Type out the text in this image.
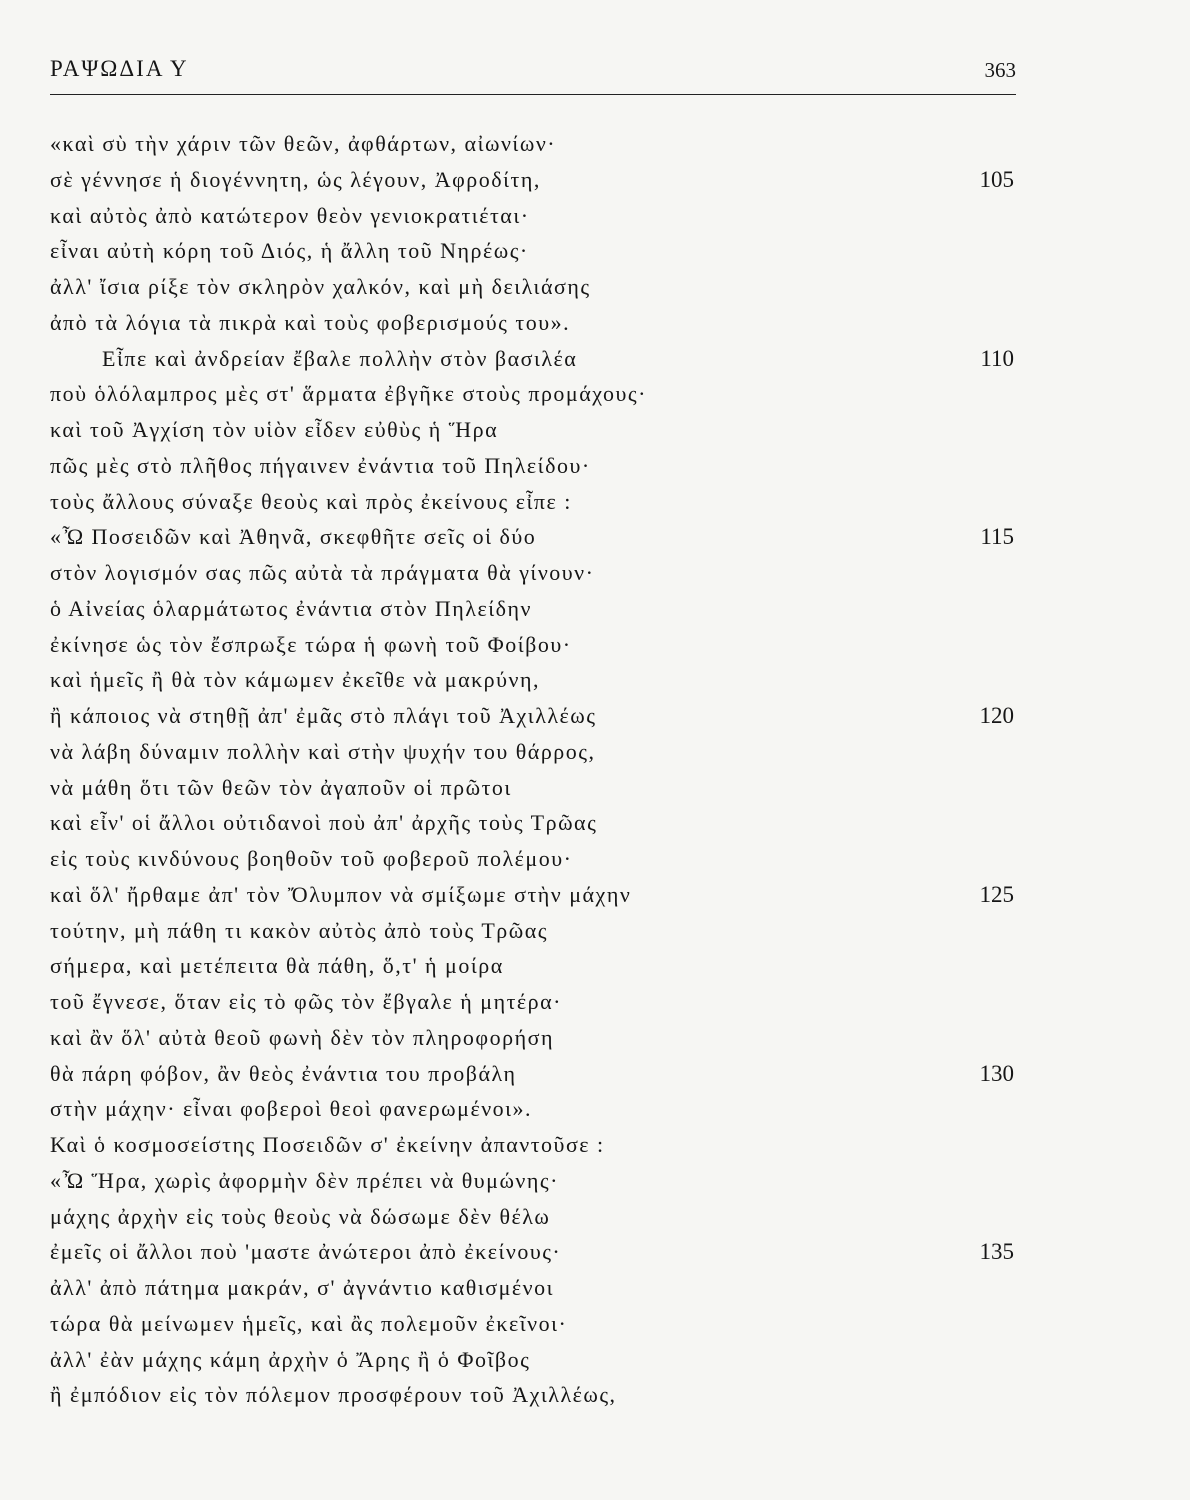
ΡΑΨΩΔΙΑ Υ	363
«καὶ σὺ τὴν χάριν τῶν θεῶν, ἀφθάρτων, αἰωνίων·
σὲ γέννησε ἡ διογέννητη, ὡς λέγουν, Ἀφροδίτη,	105
καὶ αὐτὸς ἀπὸ κατώτερον θεὸν γενιοκρατιέται·
εἶναι αὐτὴ κόρη τοῦ Διός, ἡ ἄλλη τοῦ Νηρέως·
ἀλλ' ἴσια ρίξε τὸν σκληρὸν χαλκόν, καὶ μὴ δειλιάσης
ἀπὸ τὰ λόγια τὰ πικρὰ καὶ τοὺς φοβερισμούς του».
Εἶπε καὶ ἀνδρείαν ἔβαλε πολλὴν στὸν βασιλέα	110
ποὺ ὁλόλαμπρος μὲς στ' ἅρματα ἐβγῆκε στοὺς προμάχους·
καὶ τοῦ Ἀγχίση τὸν υἱὸν εἶδεν εὐθὺς ἡ Ἥρα
πῶς μὲς στὸ πλῆθος πήγαινεν ἐνάντια τοῦ Πηλείδου·
τοὺς ἄλλους σύναξε θεοὺς καὶ πρὸς ἐκείνους εἶπε :
«Ὦ Ποσειδῶν καὶ Ἀθηνᾶ, σκεφθῆτε σεῖς οἱ δύο	115
στὸν λογισμόν σας πῶς αὐτὰ τὰ πράγματα θὰ γίνουν·
ὁ Αἰνείας ὁλαρμάτωτος ἐνάντια στὸν Πηλείδην
ἐκίνησε ὡς τὸν ἔσπρωξε τώρα ἡ φωνὴ τοῦ Φοίβου·
καὶ ἡμεῖς ἢ θὰ τὸν κάμωμεν ἐκεῖθε νὰ μακρύνη,
ἢ κάποιος νὰ στηθῇ ἀπ' ἐμᾶς στὸ πλάγι τοῦ Ἀχιλλέως	120
νὰ λάβη δύναμιν πολλὴν καὶ στὴν ψυχήν του θάρρος,
νὰ μάθη ὅτι τῶν θεῶν τὸν ἀγαποῦν οἱ πρῶτοι
καὶ εἶν' οἱ ἄλλοι οὐτιδανοὶ ποὺ ἀπ' ἀρχῆς τοὺς Τρῶας
εἰς τοὺς κινδύνους βοηθοῦν τοῦ φοβεροῦ πολέμου·
καὶ ὅλ' ἤρθαμε ἀπ' τὸν Ὄλυμπον νὰ σμίξωμε στὴν μάχην	125
τούτην, μὴ πάθη τι κακὸν αὐτὸς ἀπὸ τοὺς Τρῶας
σήμερα, καὶ μετέπειτα θὰ πάθη, ὅ,τ' ἡ μοίρα
τοῦ ἔγνεσε, ὅταν εἰς τὸ φῶς τὸν ἔβγαλε ἡ μητέρα·
καὶ ἂν ὅλ' αὐτὰ θεοῦ φωνὴ δὲν τὸν πληροφορήση
θὰ πάρη φόβον, ἂν θεὸς ἐνάντια του προβάλη	130
στὴν μάχην· εἶναι φοβεροὶ θεοὶ φανερωμένοι».
Καὶ ὁ κοσμοσείστης Ποσειδῶν σ' ἐκείνην ἀπαντοῦσε :
«Ὦ Ἥρα, χωρὶς ἀφορμὴν δὲν πρέπει νὰ θυμώνης·
μάχης ἀρχὴν εἰς τοὺς θεοὺς νὰ δώσωμε δὲν θέλω
ἐμεῖς οἱ ἄλλοι ποὺ 'μαστε ἀνώτεροι ἀπὸ ἐκείνους·	135
ἀλλ' ἀπὸ πάτημα μακράν, σ' ἀγνάντιο καθισμένοι
τώρα θὰ μείνωμεν ἡμεῖς, καὶ ἂς πολεμοῦν ἐκεῖνοι·
ἀλλ' ἐὰν μάχης κάμη ἀρχὴν ὁ Ἄρης ἢ ὁ Φοῖβος
ἢ ἐμπόδιον εἰς τὸν πόλεμον προσφέρουν τοῦ Ἀχιλλέως,
